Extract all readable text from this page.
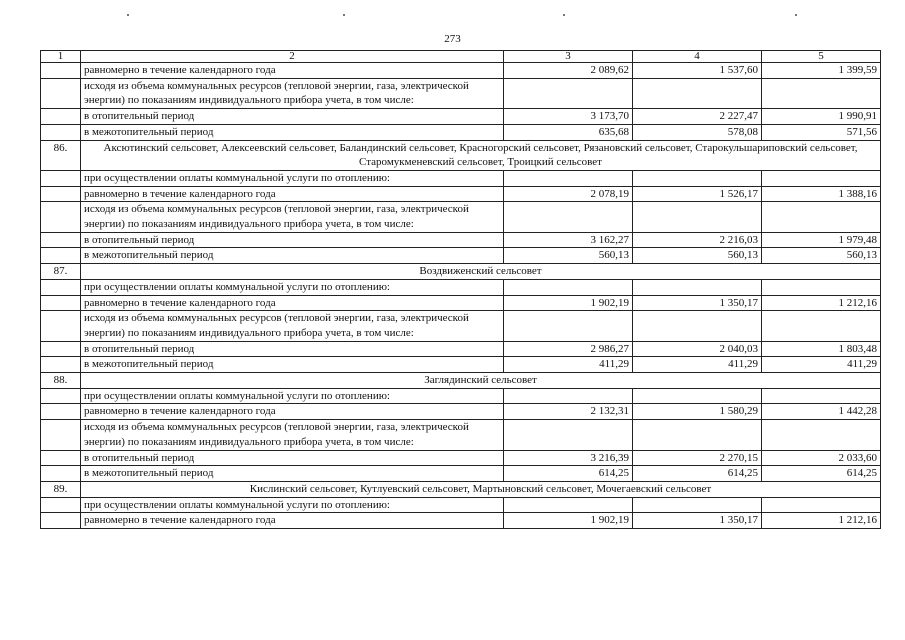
273
1	2	3	4	5
	равномерно в течение календарного года	2 089,62	1 537,60	1 399,59
	исходя из объема коммунальных ресурсов (тепловой энергии, газа, электрической энергии) по показаниям индивидуального прибора учета, в том числе:			
	в отопительный период	3 173,70	2 227,47	1 990,91
	в межотопительный период	635,68	578,08	571,56
86.	Аксютинский сельсовет, Алексеевский сельсовет, Баландинский сельсовет, Красногорский сельсовет, Рязановский сельсовет, Старокульшариповский сельсовет, Старомукменевский сельсовет, Троицкий сельсовет			
	при осуществлении оплаты коммунальной услуги по отоплению:			
	равномерно в течение календарного года	2 078,19	1 526,17	1 388,16
	исходя из объема коммунальных ресурсов (тепловой энергии, газа, электрической энергии) по показаниям индивидуального прибора учета, в том числе:			
	в отопительный период	3 162,27	2 216,03	1 979,48
	в межотопительный период	560,13	560,13	560,13
87.	Воздвиженский сельсовет			
	при осуществлении оплаты коммунальной услуги по отоплению:			
	равномерно в течение календарного года	1 902,19	1 350,17	1 212,16
	исходя из объема коммунальных ресурсов (тепловой энергии, газа, электрической энергии) по показаниям индивидуального прибора учета, в том числе:			
	в отопительный период	2 986,27	2 040,03	1 803,48
	в межотопительный период	411,29	411,29	411,29
88.	Заглядинский сельсовет			
	при осуществлении оплаты коммунальной услуги по отоплению:			
	равномерно в течение календарного года	2 132,31	1 580,29	1 442,28
	исходя из объема коммунальных ресурсов (тепловой энергии, газа, электрической энергии) по показаниям индивидуального прибора учета, в том числе:			
	в отопительный период	3 216,39	2 270,15	2 033,60
	в межотопительный период	614,25	614,25	614,25
89.	Кислинский сельсовет, Кутлуевский сельсовет, Мартыновский сельсовет, Мочегаевский сельсовет			
	при осуществлении оплаты коммунальной услуги по отоплению:			
	равномерно в течение календарного года	1 902,19	1 350,17	1 212,16
